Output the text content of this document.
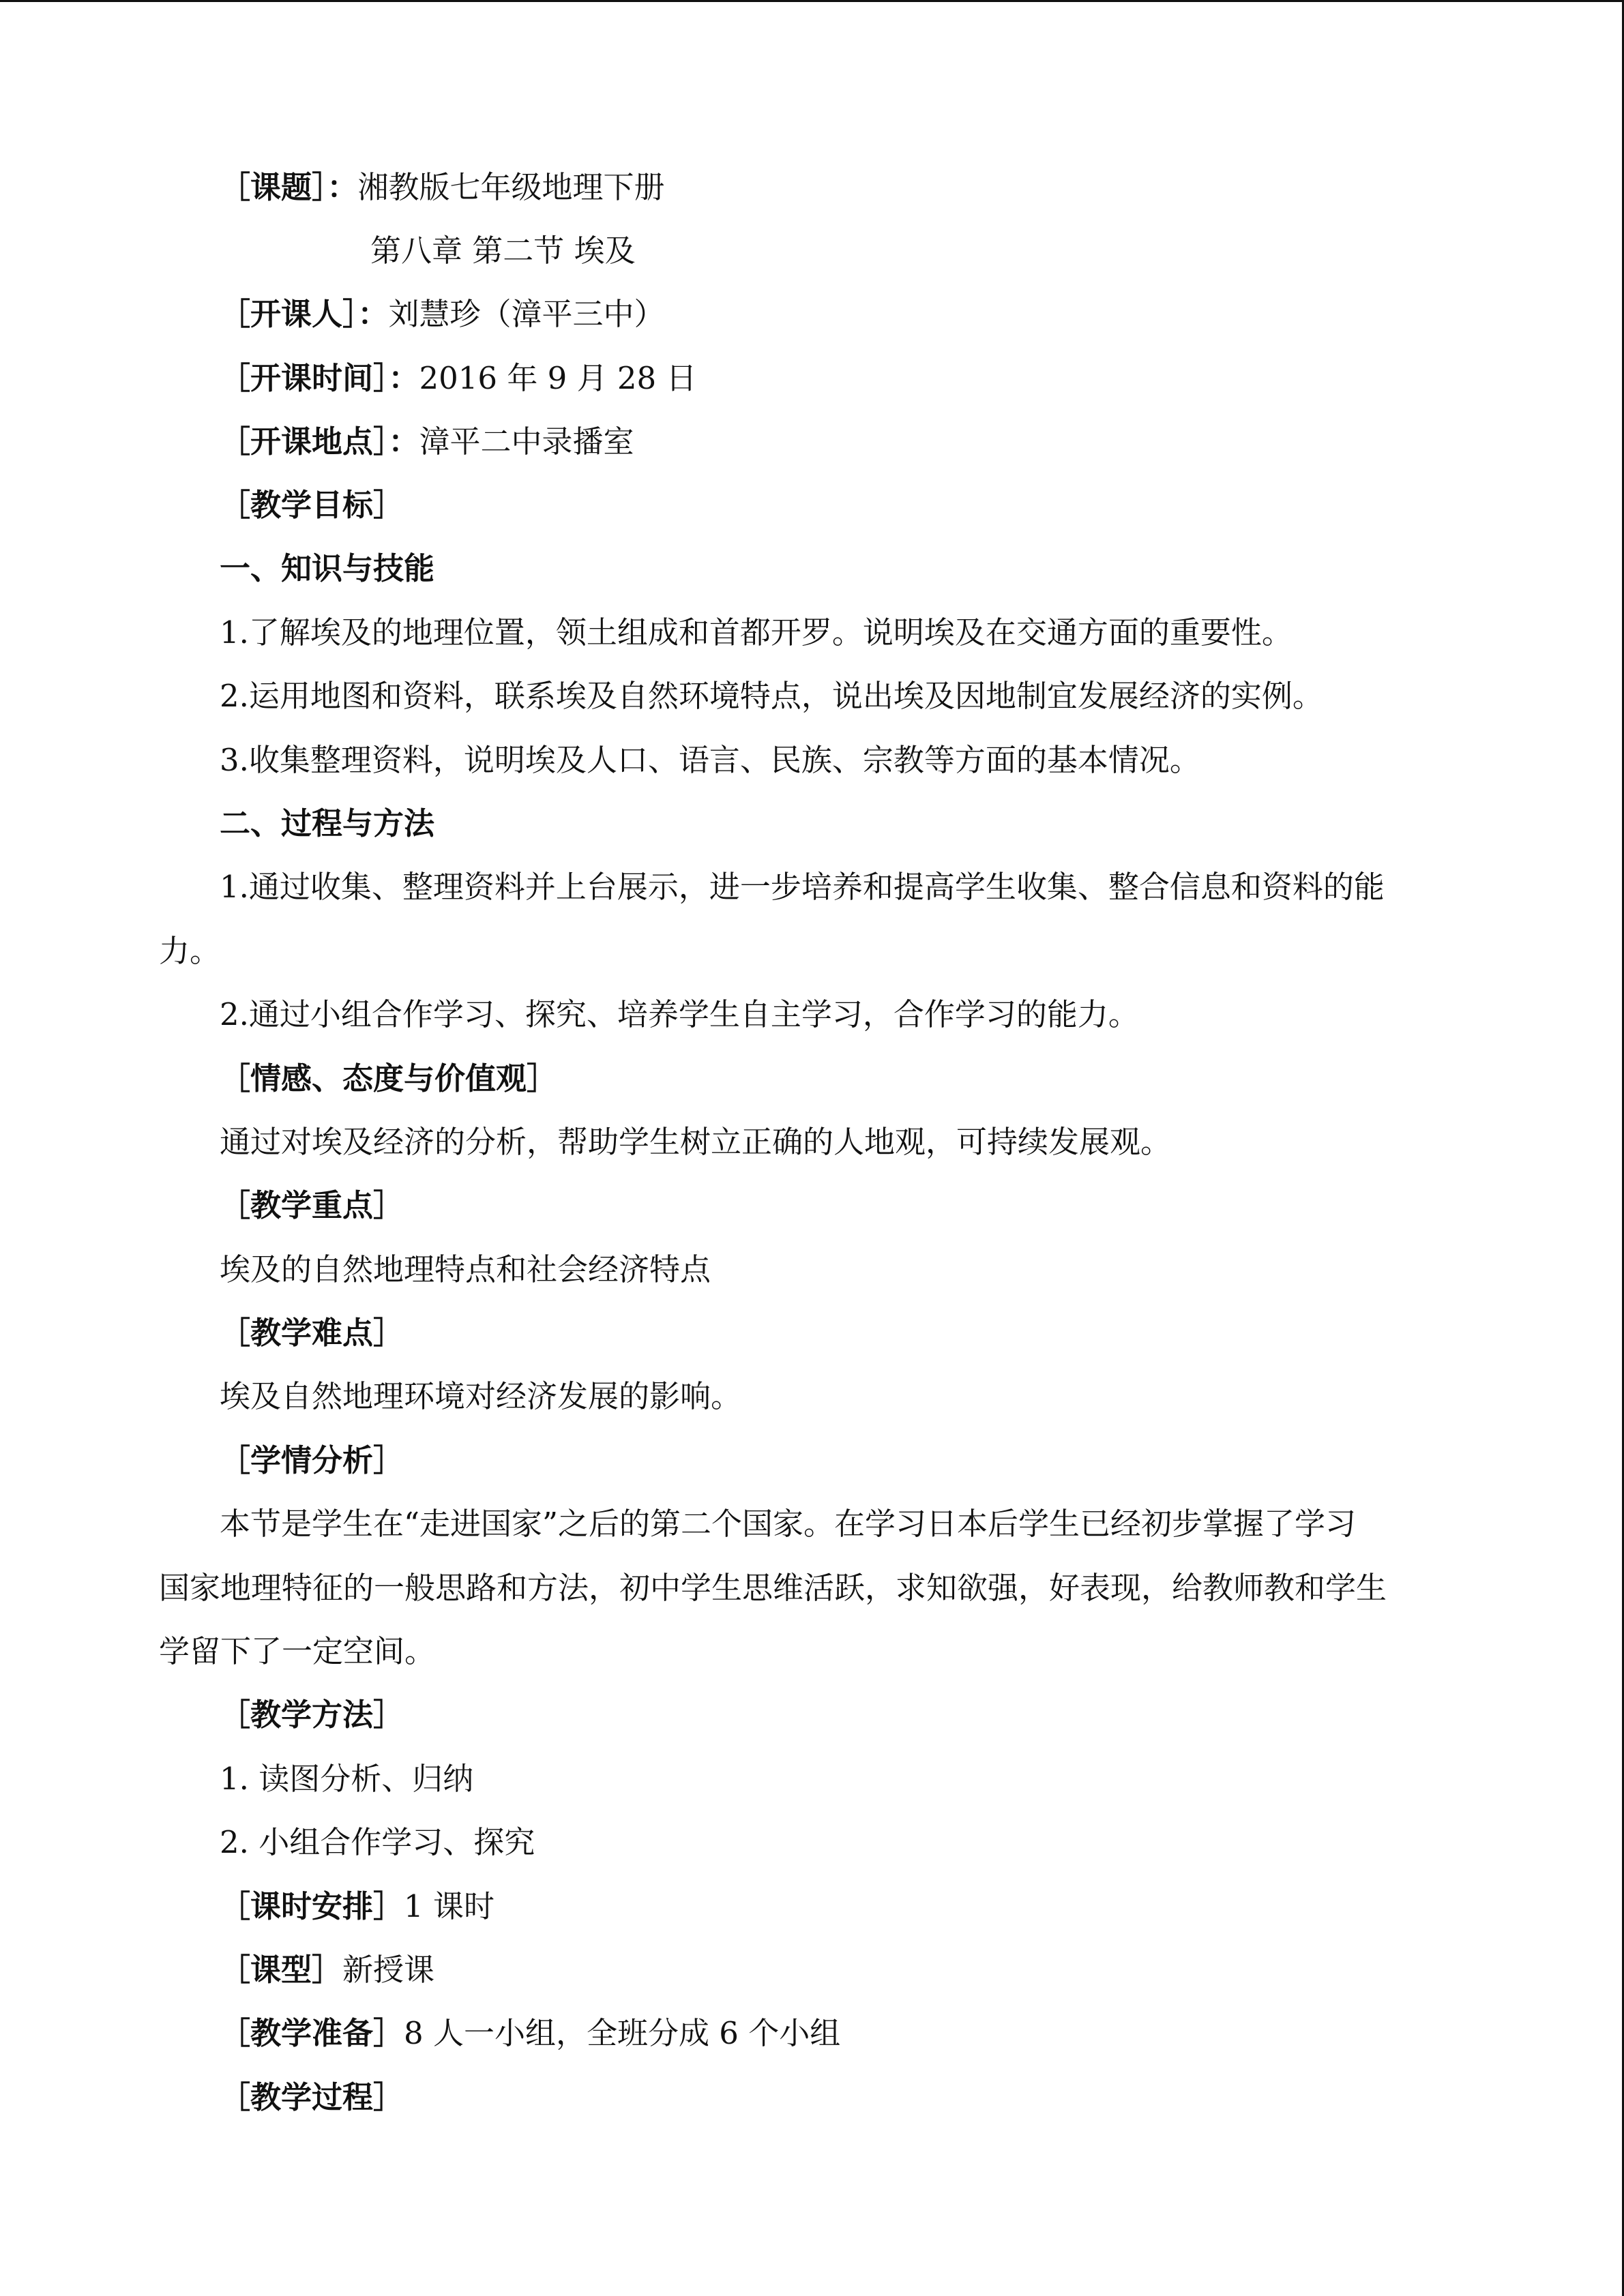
［课题］：湘教版七年级地理下册
第八章 第二节 埃及
［开课人］：刘慧珍（漳平三中）
［开课时间］：2016 年 9 月 28 日
［开课地点］：漳平二中录播室
［教学目标］
一、知识与技能
1.了解埃及的地理位置，领土组成和首都开罗。说明埃及在交通方面的重要性。
2.运用地图和资料，联系埃及自然环境特点，说出埃及因地制宜发展经济的实例。
3.收集整理资料，说明埃及人口、语言、民族、宗教等方面的基本情况。
二、过程与方法
1.通过收集、整理资料并上台展示，进一步培养和提高学生收集、整合信息和资料的能
力。
2.通过小组合作学习、探究、培养学生自主学习，合作学习的能力。
［情感、态度与价值观］
通过对埃及经济的分析，帮助学生树立正确的人地观，可持续发展观。
［教学重点］
埃及的自然地理特点和社会经济特点
［教学难点］
埃及自然地理环境对经济发展的影响。
［学情分析］
本节是学生在“走进国家”之后的第二个国家。在学习日本后学生已经初步掌握了学习
国家地理特征的一般思路和方法，初中学生思维活跃，求知欲强，好表现，给教师教和学生
学留下了一定空间。
［教学方法］
1. 读图分析、归纳
2. 小组合作学习、探究
［课时安排］1 课时
［课型］新授课
［教学准备］8 人一小组，全班分成 6 个小组
［教学过程］
